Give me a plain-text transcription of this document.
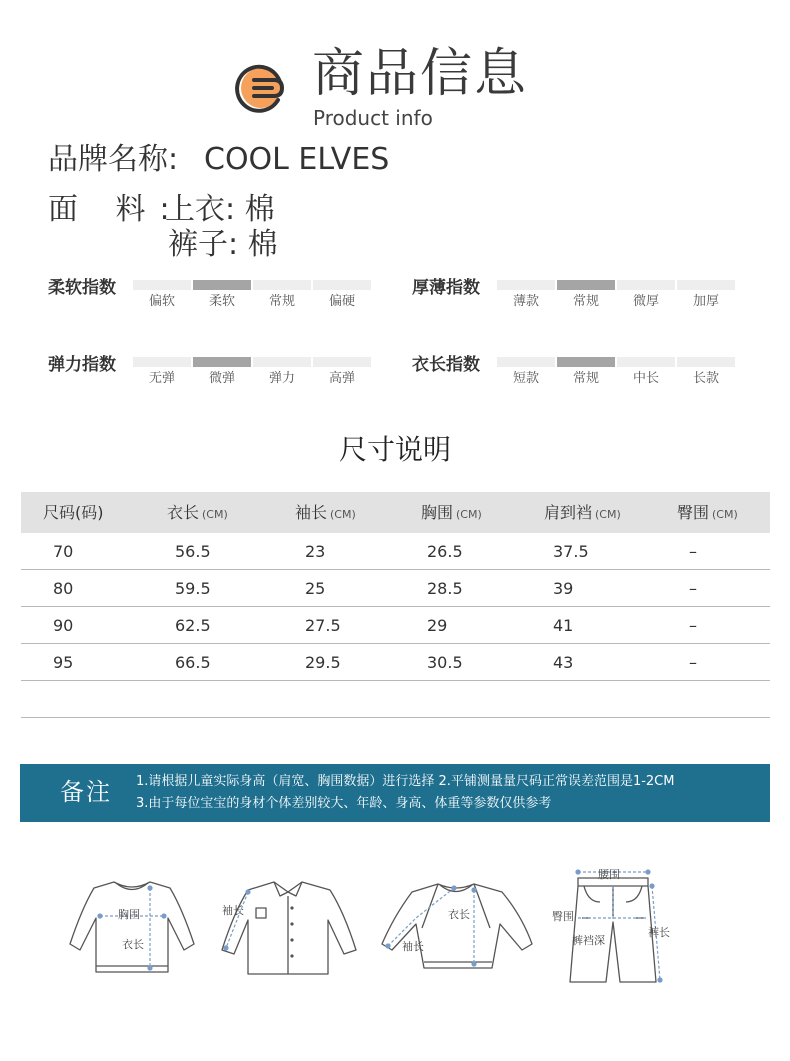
商品信息
Product info
品牌名称: COOL ELVES
面 料:
上衣: 棉
裤子: 棉
柔软指数
偏软	柔软	常规	偏硬
厚薄指数
薄款	常规	微厚	加厚
弹力指数
无弹	微弹	弹力	高弹
衣长指数
短款	常规	中长	长款
尺寸说明
尺码(码)	衣长 (CM)	袖长 (CM)	胸围 (CM)	肩到裆 (CM)	臀围 (CM)
70	56.5	23	26.5	37.5	–
80	59.5	25	28.5	39	–
90	62.5	27.5	29	41	–
95	66.5	29.5	30.5	43	–
备注 1.请根据儿童实际身高（肩宽、胸围数据）进行选择 2.平铺测量量尺码正常误差范围是1-2CM
3.由于每位宝宝的身材个体差别较大、年龄、身高、体重等参数仅供参考
胸围
衣长
袖长	衣长
袖长
腰围
臀围
裤裆深
裤长
